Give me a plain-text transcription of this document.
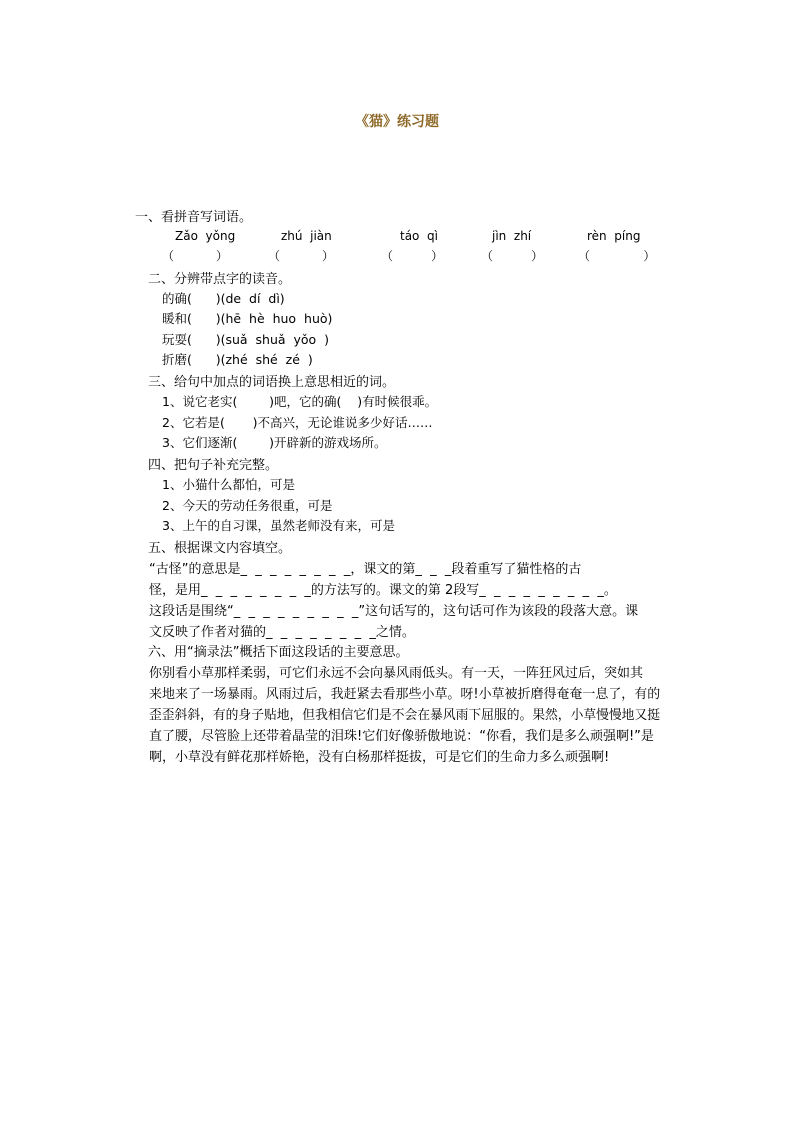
《猫》练习题
一、看拼音写词语。
Zǎo  yǒng	zhú  jiàn	táo  qì	jìn  zhí	rèn  píng
（           ）	（           ）	（          ）	（          ）	（              ）
二、分辨带点字的读音。
的确(      )(de  dí  dì)
暖和(      )(hē  hè  huo  huò)
玩耍(      )(suǎ  shuǎ  yǒo  )
折磨(      )(zhé  shé  zé  )
三、给句中加点的词语换上意思相近的词。
1、说它老实(        )吧，它的确(    )有时候很乖。
2、它若是(       )不高兴，无论谁说多少好话……
3、它们逐渐(        )开辟新的游戏场所。
四、把句子补充完整。
1、小猫什么都怕，可是
2、今天的劳动任务很重，可是
3、上午的自习课，虽然老师没有来，可是
五、根据课文内容填空。
“古怪”的意思是_  _  _  _  _  _  _  _，课文的第_  _  _段着重写了猫性格的古
怪，是用_  _  _  _  _  _  _  _的方法写的。课文的第 2段写_  _  _  _  _  _  _  _  _。
这段话是围绕“_  _  _  _  _  _  _  _  _”这句话写的，这句话可作为该段的段落大意。课
文反映了作者对猫的_  _  _  _  _  _  _  _之情。
六、用“摘录法”概括下面这段话的主要意思。
你别看小草那样柔弱，可它们永远不会向暴风雨低头。有一天，一阵狂风过后，突如其
来地来了一场暴雨。风雨过后，我赶紧去看那些小草。呀!小草被折磨得奄奄一息了，有的
歪歪斜斜，有的身子贴地，但我相信它们是不会在暴风雨下屈服的。果然，小草慢慢地又挺
直了腰，尽管脸上还带着晶莹的泪珠!它们好像骄傲地说：“你看，我们是多么顽强啊!”是
啊，小草没有鲜花那样娇艳，没有白杨那样挺拔，可是它们的生命力多么顽强啊!
